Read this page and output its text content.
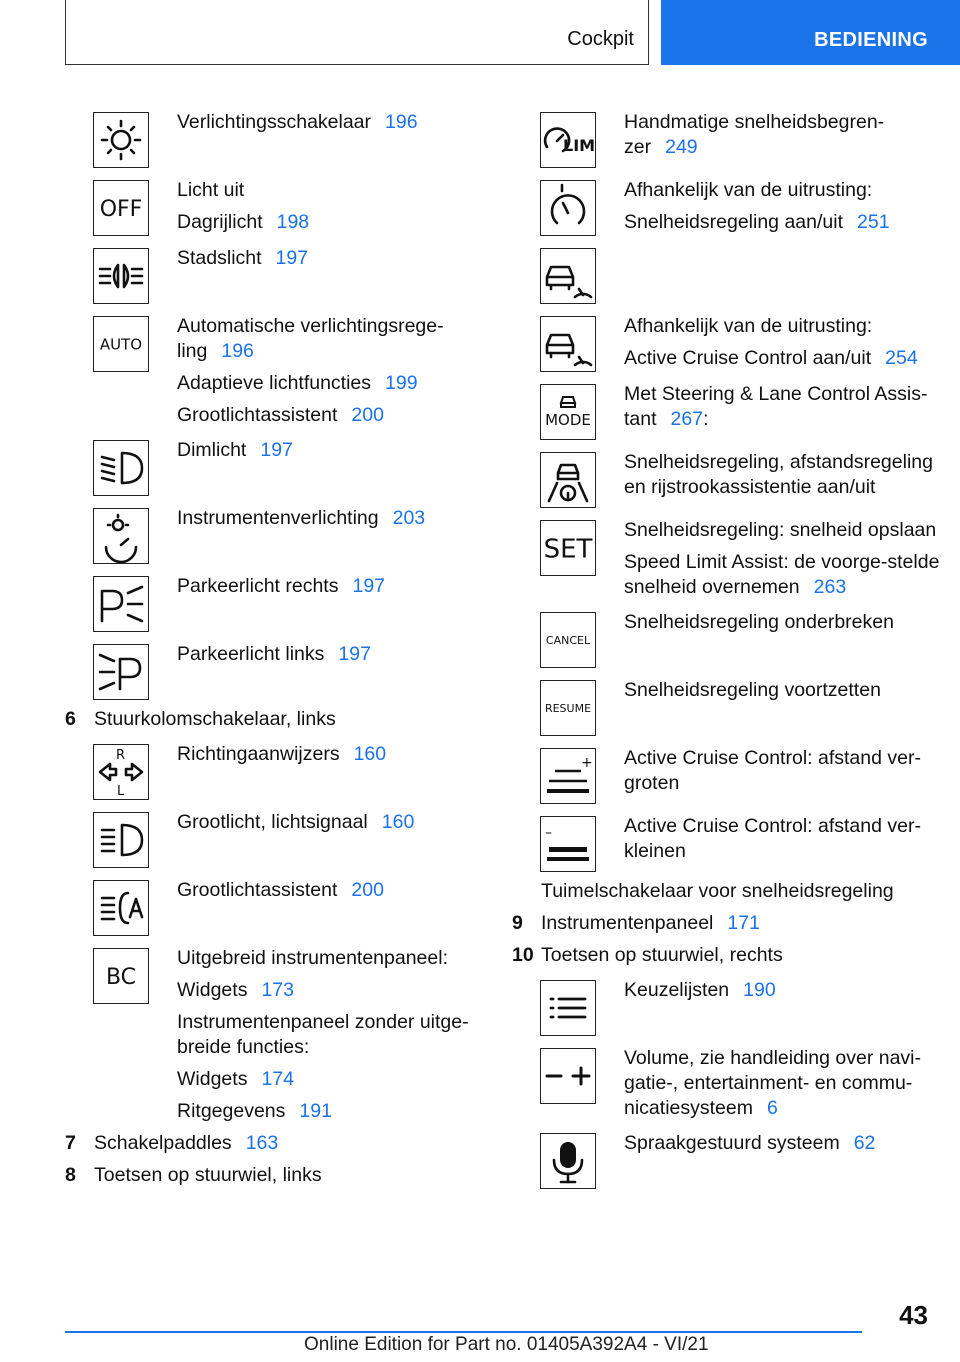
Cockpit	BEDIENING

Verlichtingsschakelaar 196

OFF

Licht uit

Dagrijlicht 198

Stadslicht 197

AUTO

Automatische verlichtingsrege-ling 196

Adaptieve lichtfuncties 199

Grootlichtassistent 200

Dimlicht 197

Instrumentenverlichting 203

Parkeerlicht rechts 197

Parkeerlicht links 197

6 Stuurkolomschakelaar, links
R
L

Richtingaanwijzers 160

Grootlicht, lichtsignaal 160

Grootlichtassistent 200

BC

Uitgebreid instrumentenpaneel:

Widgets 173

Instrumentenpaneel zonder uitge-breide functies:

Widgets 174

Ritgegevens 191

7 Schakelpaddles 163
8 Toetsen op stuurwiel, links
LIM

Handmatige snelheidsbegren-zer 249

Afhankelijk van de uitrusting:

Snelheidsregeling aan/uit 251

Afhankelijk van de uitrusting:

Active Cruise Control aan/uit 254

MODE

Met Steering & Lane Control Assis-tant 267:

Snelheidsregeling, afstandsregeling en rijstrookassistentie aan/uit

SET

Snelheidsregeling: snelheid opslaan

Speed Limit Assist: de voorge-stelde snelheid overnemen 263

CANCEL

Snelheidsregeling onderbreken

RESUME

Snelheidsregeling voortzetten

+ Active Cruise Control: afstand ver-groten

–	Active Cruise Control: afstand ver-kleinen

Tuimelschakelaar voor snelheidsregeling
9 Instrumentenpaneel 171
10 Toetsen op stuurwiel, rechts

Keuzelijsten 190

Volume, zie handleiding over navi-gatie-, entertainment- en commu-nicatiesysteem 6

Spraakgestuurd systeem 62

43
Online Edition for Part no. 01405A392A4 - VI/21
